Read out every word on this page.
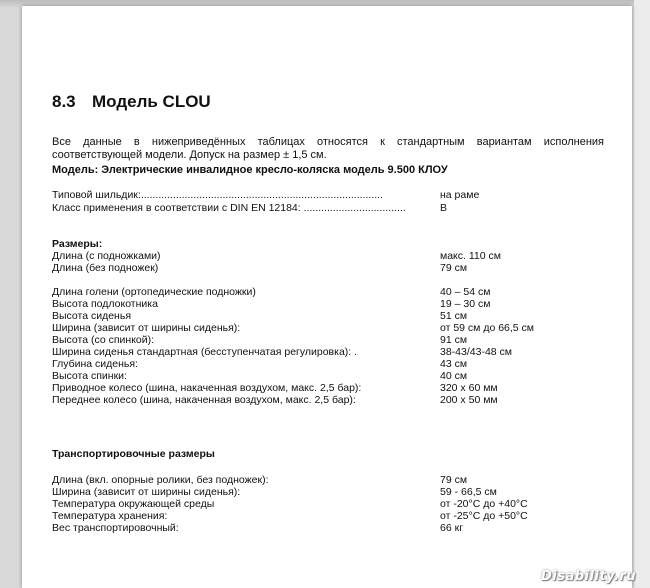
8.3 Модель CLOU
Все данные в нижеприведённых таблицах относятся к стандартным вариантам исполнения соответствующей модели. Допуск на размер ± 1,5 см.
Модель: Электрические инвалидное кресло-коляска модель 9.500 КЛОУ
Типовой шильдик:...................................................................................	на раме
Класс применения в соответствии с DIN EN 12184: ...................................	B
Размеры:
Длина (с подножками)	макс. 110 см
Длина (без подножек)	79 см
Длина голени (ортопедические подножки)	40 – 54 см
Высота подлокотника	19 – 30 см
Высота сиденья	51 см
Ширина (зависит от ширины сиденья):	от 59 см до 66,5 см
Высота (со спинкой):	91 см
Ширина сиденья стандартная (бесступенчатая регулировка): .	38-43/43-48 см
Глубина сиденья:	43 см
Высота спинки:	40 см
Приводное колесо (шина, накаченная воздухом, макс. 2,5 бар):	320 x 60 мм
Переднее колесо (шина, накаченная воздухом, макс. 2,5 бар):	200 x 50 мм
Транспортировочные размеры
Длина (вкл. опорные ролики, без подножек):	79 см
Ширина (зависит от ширины сиденья):	59 - 66,5 см
Температура окружающей среды	от -20°C до +40°C
Температура хранения:	от -25°C до +50°C
Вес транспортировочный:	66 кг
Disability.ru
